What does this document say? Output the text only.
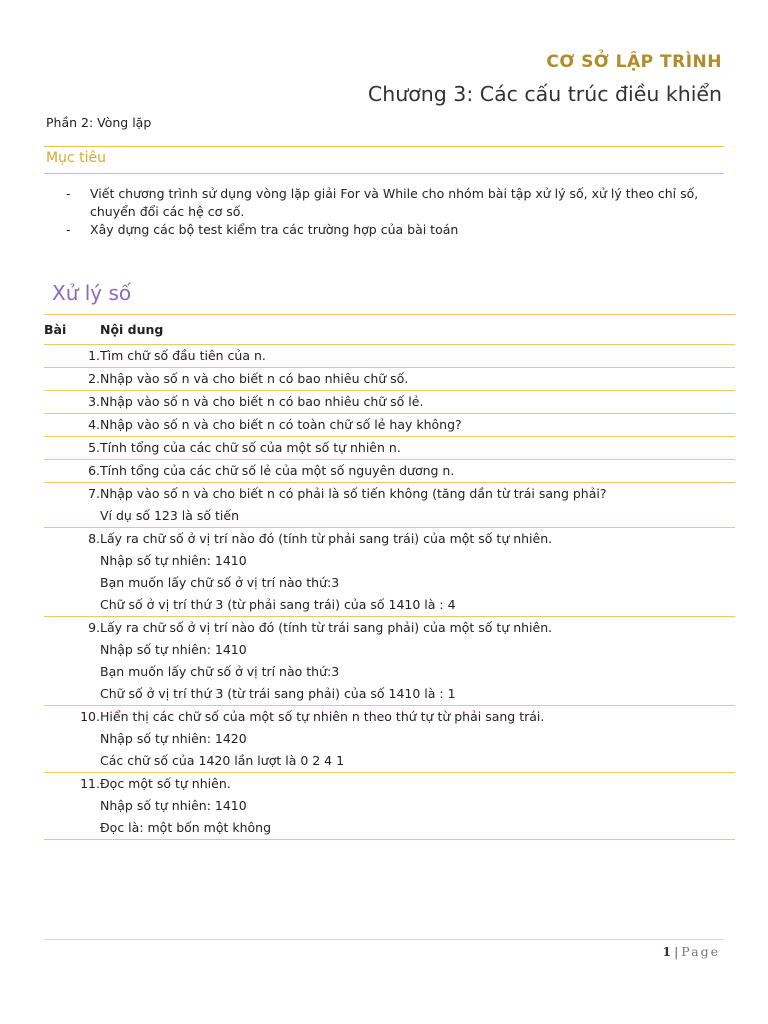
CƠ SỞ LẬP TRÌNH
Chương 3: Các cấu trúc điều khiển
Phần 2: Vòng lặp
Mục tiêu
-	Viết chương trình sử dụng vòng lặp giải For và While cho nhóm bài tập xử lý số, xử lý theo chỉ số, chuyển đổi các hệ cơ số.
-	Xây dựng các bộ test kiểm tra các trường hợp của bài toán
Xử lý số
Bài	Nội dung
1.	Tìm chữ số đầu tiên của n.

2.	Nhập vào số n và cho biết n có bao nhiêu chữ số.

3.	Nhập vào số n và cho biết n có bao nhiêu chữ số lẻ.

4.	Nhập vào số n và cho biết n có toàn chữ số lẻ hay không?

5.	Tính tổng của các chữ số của một số tự nhiên n.

6.	Tính tổng của các chữ số lẻ của một số nguyên dương n.

7.	Nhập vào số n và cho biết n có phải là số tiến không (tăng dần từ trái sang phải?
Ví dụ số 123 là số tiến

8.	Lấy ra chữ số ở vị trí nào đó (tính từ phải sang trái) của một số tự nhiên.
Nhập số tự nhiên: 1410
Bạn muốn lấy chữ số ở vị trí nào thứ:3
Chữ số ở vị trí thứ 3 (từ phải sang trái) của số 1410 là : 4

9.	Lấy ra chữ số ở vị trí nào đó (tính từ trái sang phải) của một số tự nhiên.
Nhập số tự nhiên: 1410
Bạn muốn lấy chữ số ở vị trí nào thứ:3
Chữ số ở vị trí thứ 3 (từ trái sang phải) của số 1410 là : 1

10.	Hiển thị các chữ số của một số tự nhiên n theo thứ tự từ phải sang trái.
Nhập số tự nhiên: 1420
Các chữ số của 1420 lần lượt là 0 2 4 1

11.	Đọc một số tự nhiên.
Nhập số tự nhiên: 1410
Đọc là: một bốn một không
1 | Page
